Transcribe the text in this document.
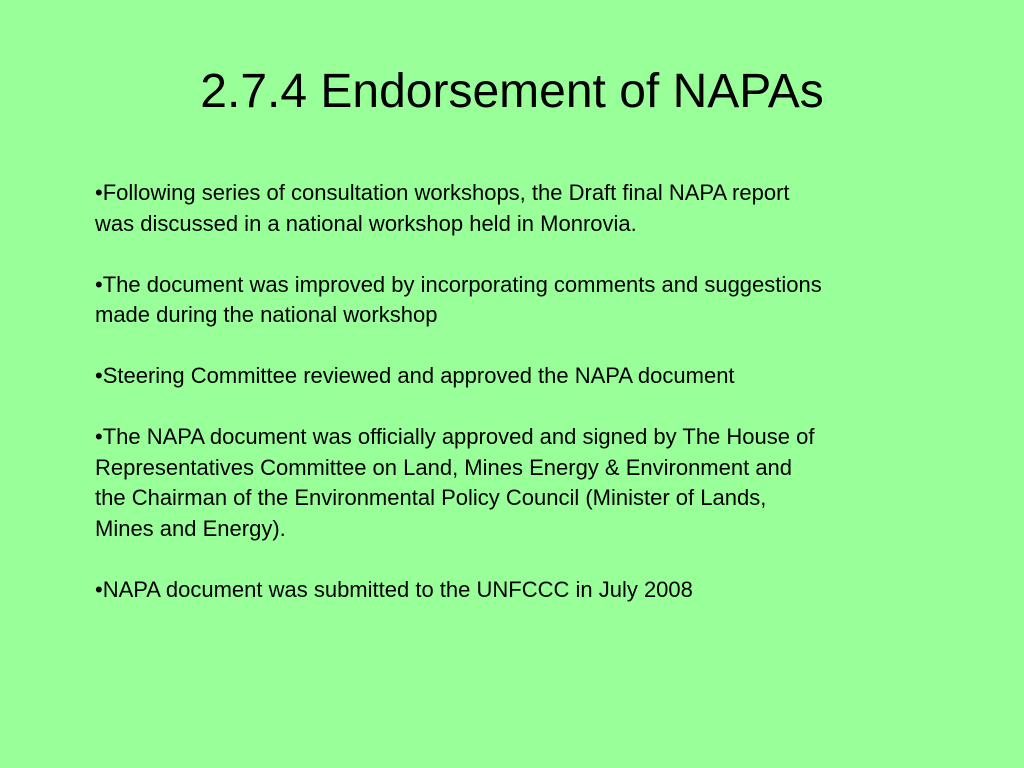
2.7.4 Endorsement of NAPAs

•Following series of consultation workshops, the Draft final NAPA report
was discussed in a national workshop held in Monrovia.

•The document was improved by incorporating comments and suggestions
made during the national workshop

•Steering Committee reviewed and approved the NAPA document

•The NAPA document was officially approved and signed by The House of
Representatives Committee on Land, Mines Energy & Environment and
the Chairman of the Environmental Policy Council (Minister of Lands,
Mines and Energy).

•NAPA document was submitted to the UNFCCC in July 2008
